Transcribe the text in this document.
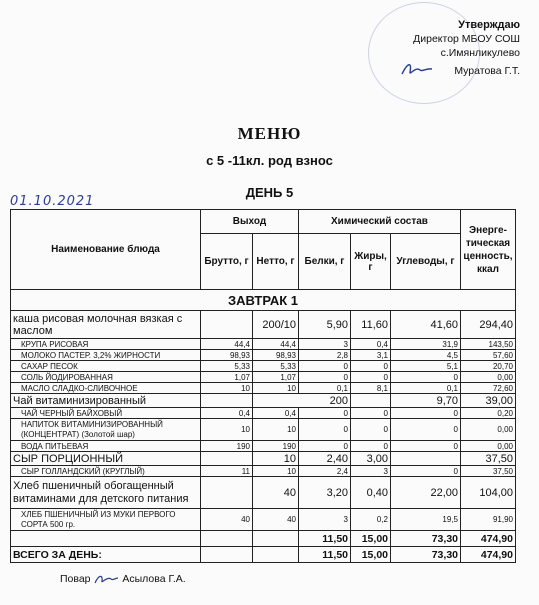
Утверждаю
Директор МБОУ СОШ
с.Имянликулево
Муратова Г.Т.
МЕНЮ
с 5 -11кл. род взнос
ДЕНЬ 5
01.10.2021
Наименование блюда	Выход		Химический состав			Энерге-тическая ценность, ккал
	Брутто, г	Нетто, г	Белки, г	Жиры, г	Углеводы, г	
ЗАВТРАК 1						
каша рисовая молочная вязкая с маслом		200/10	5,90	11,60	41,60	294,40
КРУПА РИСОВАЯ	44,4	44,4	3	0,4	31,9	143,50
МОЛОКО ПАСТЕР. 3,2% ЖИРНОСТИ	98,93	98,93	2,8	3,1	4,5	57,60
САХАР ПЕСОК	5,33	5,33	0	0	5,1	20,70
СОЛЬ ЙОДИРОВАННАЯ	1,07	1,07	0	0	0	0,00
МАСЛО СЛАДКО-СЛИВОЧНОЕ	10	10	0,1	8,1	0,1	72,60
Чай витаминизированный		200			9,70	39,00
ЧАЙ ЧЕРНЫЙ БАЙХОВЫЙ	0,4	0,4	0	0	0	0,20
НАПИТОК ВИТАМИНИЗИРОВАННЫЙ (КОНЦЕНТРАТ) (Золотой шар)	10	10	0	0	0	0,00
ВОДА ПИТЬЕВАЯ	190	190	0	0	0	0,00
СЫР ПОРЦИОННЫЙ		10	2,40	3,00		37,50
СЫР ГОЛЛАНДСКИЙ (КРУГЛЫЙ)	11	10	2,4	3	0	37,50
Хлеб пшеничный обогащенный витаминами для детского питания		40	3,20	0,40	22,00	104,00
ХЛЕБ ПШЕНИЧНЫЙ ИЗ МУКИ ПЕРВОГО СОРТА 500 гр.	40	40	3	0,2	19,5	91,90
			11,50	15,00	73,30	474,90
ВСЕГО ЗА ДЕНЬ:			11,50	15,00	73,30	474,90
Повар	Асылова Г.А.
